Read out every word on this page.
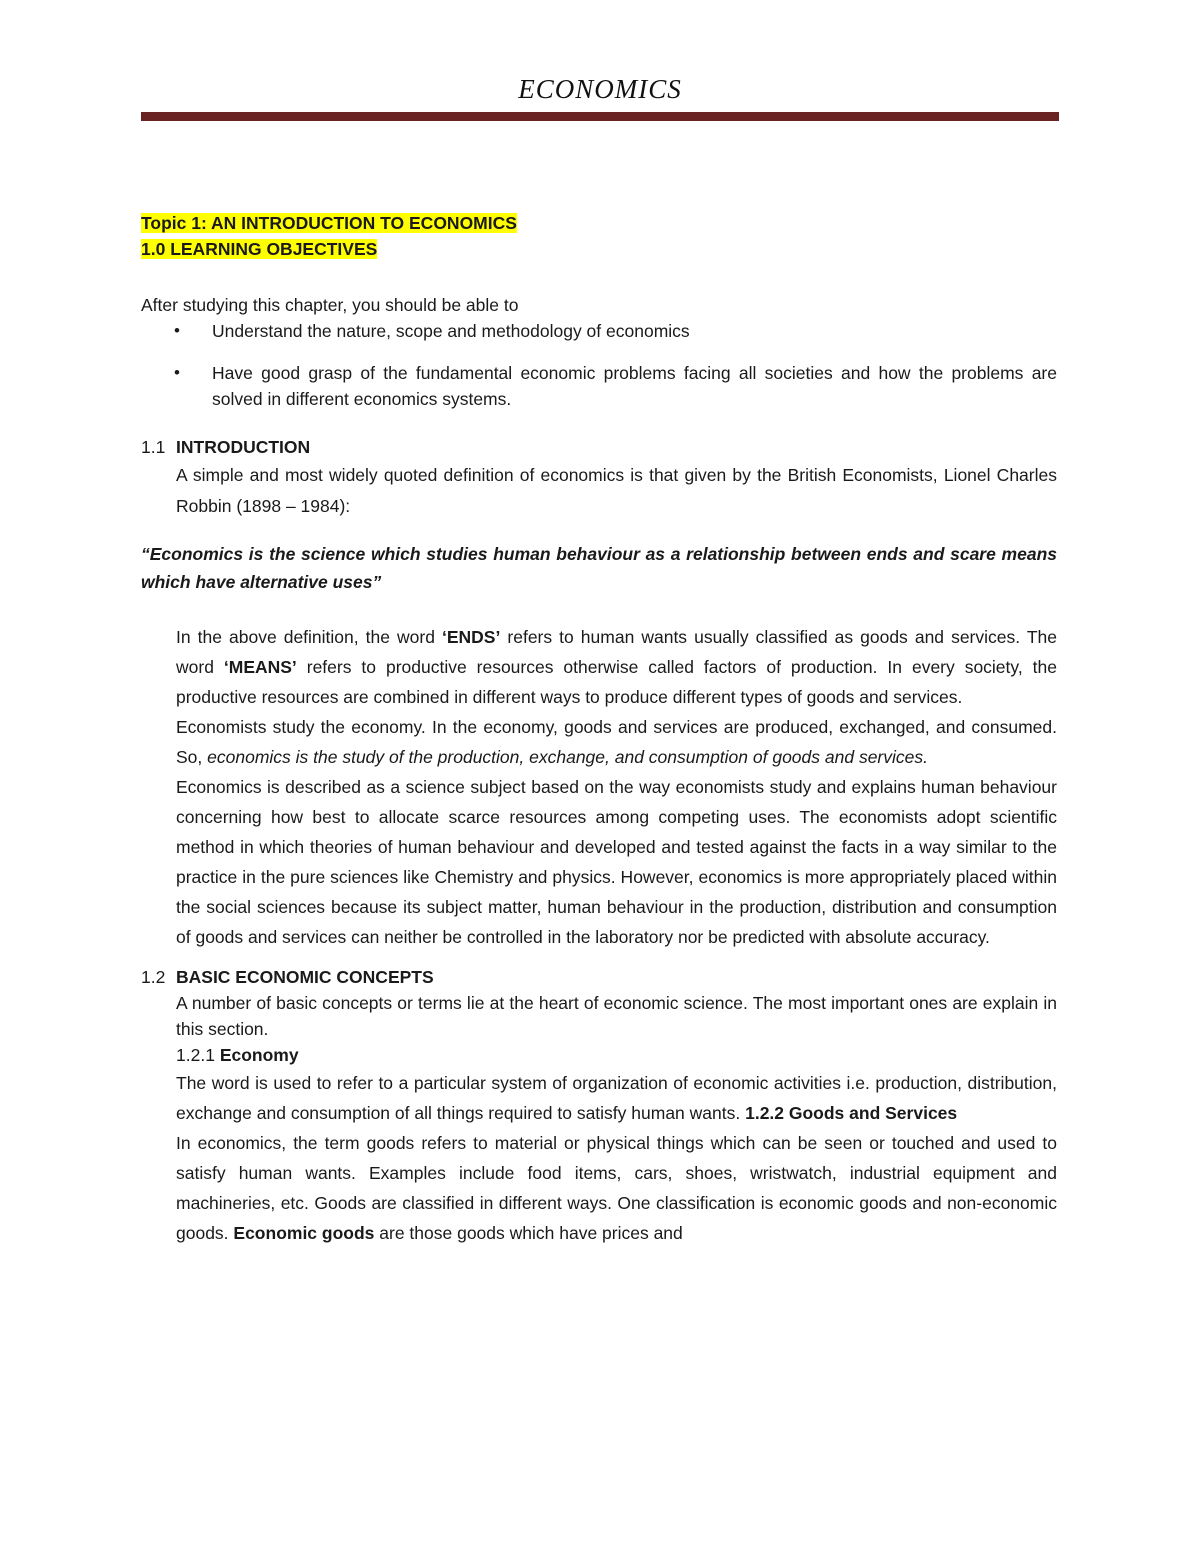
ECONOMICS
Topic 1: AN INTRODUCTION TO ECONOMICS
1.0 LEARNING OBJECTIVES

After studying this chapter, you should be able to

• Understand the nature, scope and methodology of economics
• Have good grasp of the fundamental economic problems facing all societies and how the problems are solved in different economics systems.

1.1 INTRODUCTION

A simple and most widely quoted definition of economics is that given by the British Economists, Lionel Charles Robbin (1898 – 1984):

“Economics is the science which studies human behaviour as a relationship between ends and scare means which have alternative uses”

In the above definition, the word ‘ENDS’ refers to human wants usually classified as goods and services. The word ‘MEANS’ refers to productive resources otherwise called factors of production. In every society, the productive resources are combined in different ways to produce different types of goods and services.

Economists study the economy. In the economy, goods and services are produced, exchanged, and consumed. So, economics is the study of the production, exchange, and consumption of goods and services.

Economics is described as a science subject based on the way economists study and explains human behaviour concerning how best to allocate scarce resources among competing uses. The economists adopt scientific method in which theories of human behaviour and developed and tested against the facts in a way similar to the practice in the pure sciences like Chemistry and physics. However, economics is more appropriately placed within the social sciences because its subject matter, human behaviour in the production, distribution and consumption of goods and services can neither be controlled in the laboratory nor be predicted with absolute accuracy.

1.2 BASIC ECONOMIC CONCEPTS

A number of basic concepts or terms lie at the heart of economic science. The most important ones are explain in this section.

1.2.1 Economy

The word is used to refer to a particular system of organization of economic activities i.e. production, distribution, exchange and consumption of all things required to satisfy human wants. 1.2.2 Goods and Services

In economics, the term goods refers to material or physical things which can be seen or touched and used to satisfy human wants. Examples include food items, cars, shoes, wristwatch, industrial equipment and machineries, etc. Goods are classified in different ways. One classification is economic goods and non-economic goods. Economic goods are those goods which have prices and
